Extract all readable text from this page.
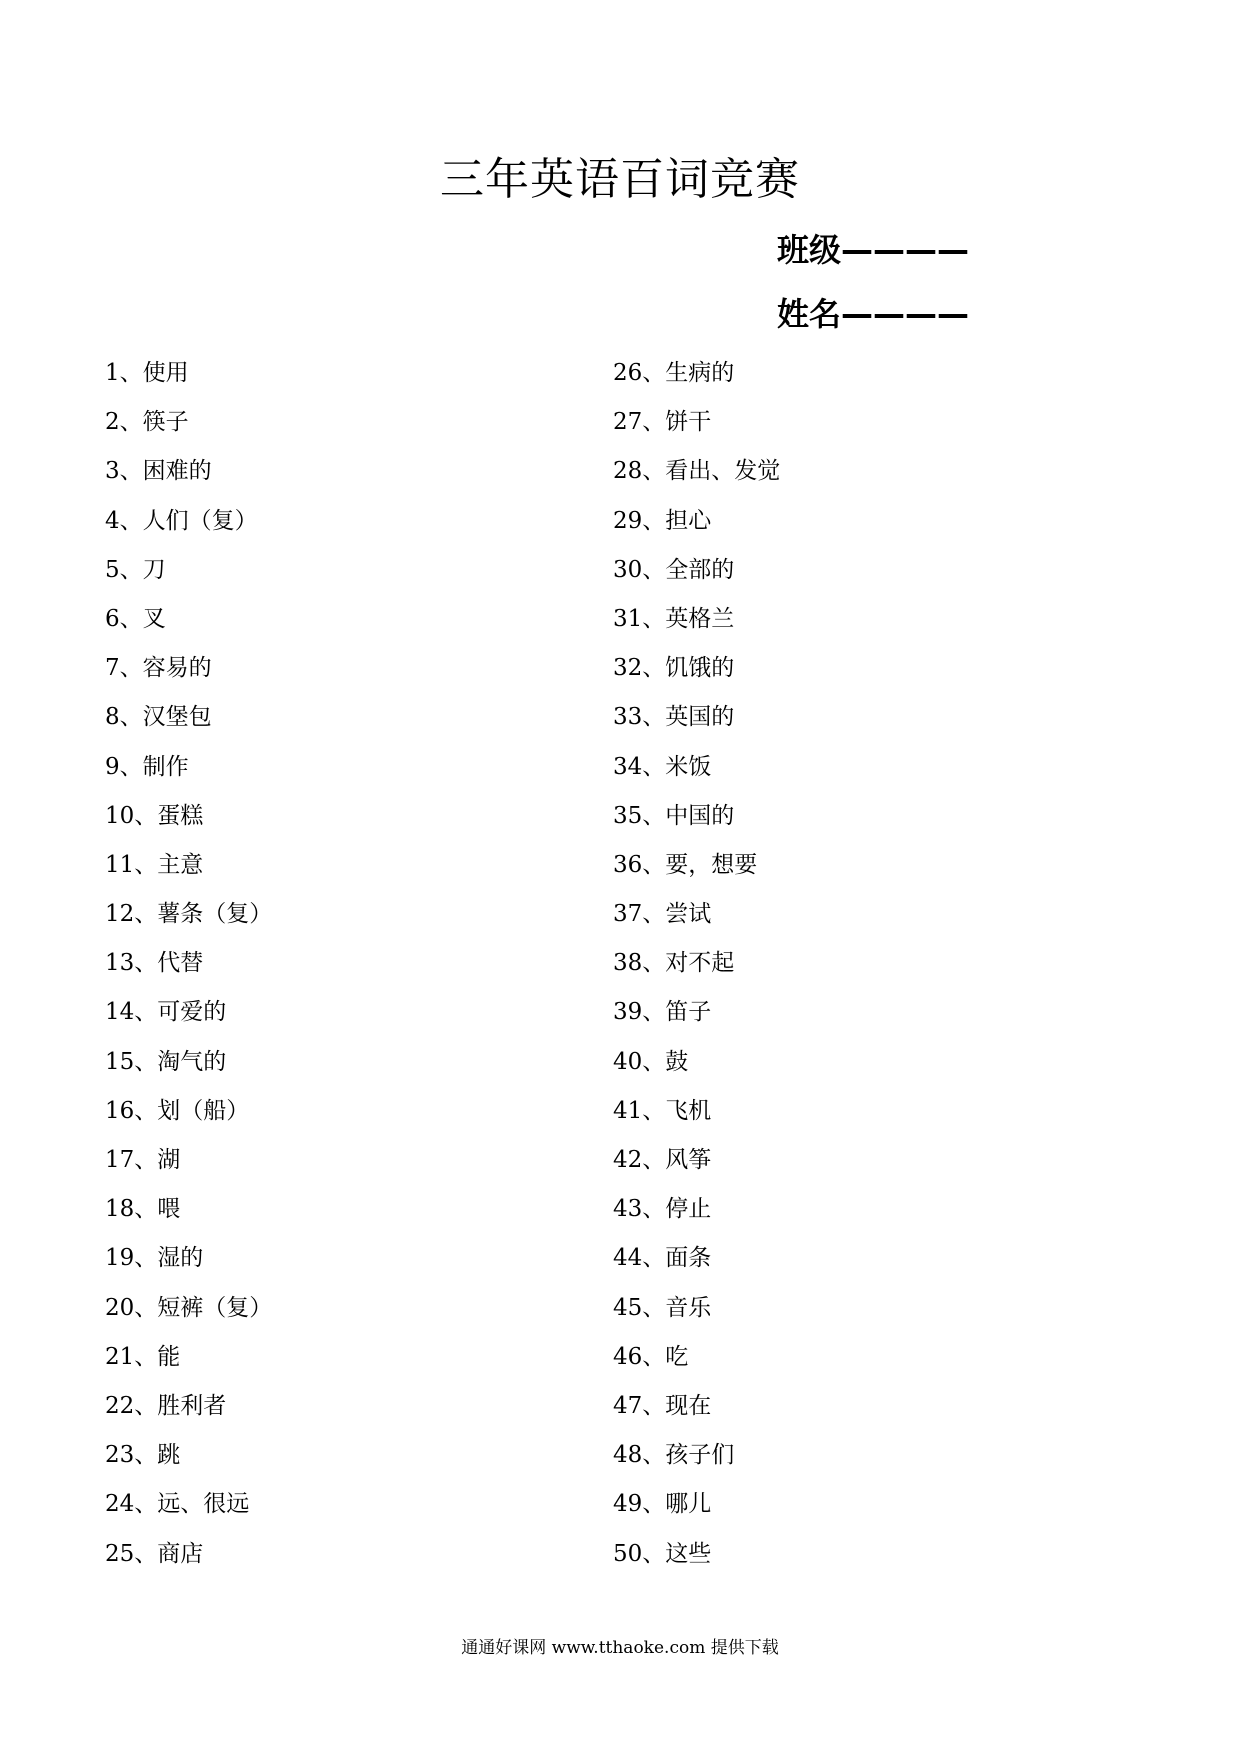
三年英语百词竞赛
班级————
姓名————
1、使用
2、筷子
3、困难的
4、人们（复）
5、刀
6、叉
7、容易的
8、汉堡包
9、制作
10、蛋糕
11、主意
12、薯条（复）
13、代替
14、可爱的
15、淘气的
16、划（船）
17、湖
18、喂
19、湿的
20、短裤（复）
21、能
22、胜利者
23、跳
24、远、很远
25、商店
26、生病的
27、饼干
28、看出、发觉
29、担心
30、全部的
31、英格兰
32、饥饿的
33、英国的
34、米饭
35、中国的
36、要，想要
37、尝试
38、对不起
39、笛子
40、鼓
41、飞机
42、风筝
43、停止
44、面条
45、音乐
46、吃
47、现在
48、孩子们
49、哪儿
50、这些
通通好课网 www.tthaoke.com 提供下载
